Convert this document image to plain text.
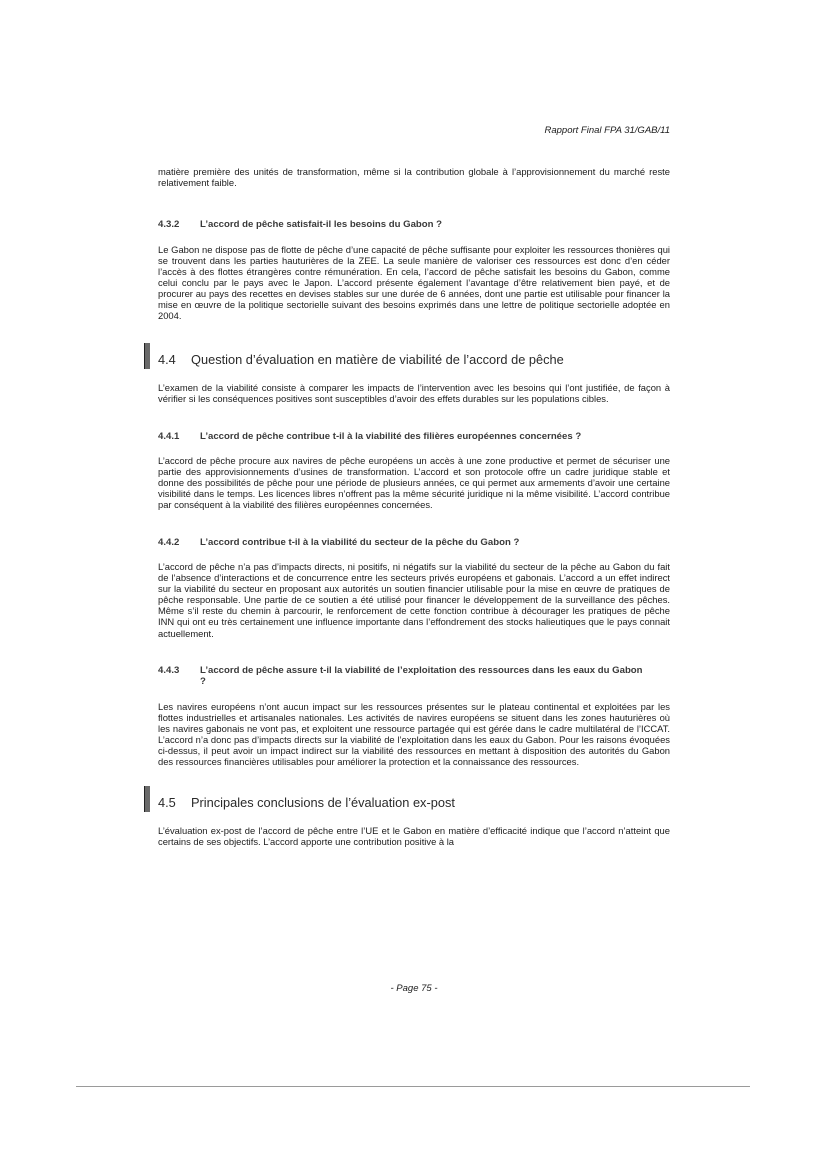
Rapport Final FPA 31/GAB/11

matière première des unités de transformation, même si la contribution globale à l’approvisionnement du marché reste relativement faible.

4.3.2	L’accord de pêche satisfait-il les besoins du Gabon ?

Le Gabon ne dispose pas de flotte de pêche d’une capacité de pêche suffisante pour exploiter les ressources thonières qui se trouvent dans les parties hauturières de la ZEE. La seule manière de valoriser ces ressources est donc d’en céder l’accès à des flottes étrangères contre rémunération. En cela, l’accord de pêche satisfait les besoins du Gabon, comme celui conclu par le pays avec le Japon. L’accord présente également l’avantage d’être relativement bien payé, et de procurer au pays des recettes en devises stables sur une durée de 6 années, dont une partie est utilisable pour financer la mise en œuvre de la politique sectorielle suivant des besoins exprimés dans une lettre de politique sectorielle adoptée en 2004.

4.4 Question d’évaluation en matière de viabilité de l’accord de pêche

L’examen de la viabilité consiste à comparer les impacts de l’intervention avec les besoins qui l’ont justifiée, de façon à vérifier si les conséquences positives sont susceptibles d’avoir des effets durables sur les populations cibles.

4.4.1	L’accord de pêche contribue t-il à la viabilité des filières européennes concernées ?

L’accord de pêche procure aux navires de pêche européens un accès à une zone productive et permet de sécuriser une partie des approvisionnements d’usines de transformation. L’accord et son protocole offre un cadre juridique stable et donne des possibilités de pêche pour une période de plusieurs années, ce qui permet aux armements d’avoir une certaine visibilité dans le temps. Les licences libres n’offrent pas la même sécurité juridique ni la même visibilité. L’accord contribue par conséquent à la viabilité des filières européennes concernées.

4.4.2	L’accord contribue t-il à la viabilité du secteur de la pêche du Gabon ?

L’accord de pêche n’a pas d’impacts directs, ni positifs, ni négatifs sur la viabilité du secteur de la pêche au Gabon du fait de l’absence d’interactions et de concurrence entre les secteurs privés européens et gabonais. L’accord a un effet indirect sur la viabilité du secteur en proposant aux autorités un soutien financier utilisable pour la mise en œuvre de pratiques de pêche responsable. Une partie de ce soutien a été utilisé pour financer le développement de la surveillance des pêches. Même s’il reste du chemin à parcourir, le renforcement de cette fonction contribue à décourager les pratiques de pêche INN qui ont eu très certainement une influence importante dans l’effondrement des stocks halieutiques que le pays connait actuellement.

4.4.3	L’accord de pêche assure t-il la viabilité de l’exploitation des ressources dans les eaux du Gabon ?

Les navires européens n’ont aucun impact sur les ressources présentes sur le plateau continental et exploitées par les flottes industrielles et artisanales nationales. Les activités de navires européens se situent dans les zones hauturières où les navires gabonais ne vont pas, et exploitent une ressource partagée qui est gérée dans le cadre multilatéral de l’ICCAT. L’accord n’a donc pas d’impacts directs sur la viabilité de l’exploitation dans les eaux du Gabon. Pour les raisons évoquées ci-dessus, il peut avoir un impact indirect sur la viabilité des ressources en mettant à disposition des autorités du Gabon des ressources financières utilisables pour améliorer la protection et la connaissance des ressources.

4.5 Principales conclusions de l’évaluation ex-post

L’évaluation ex-post de l’accord de pêche entre l’UE et le Gabon en matière d’efficacité indique que l’accord n’atteint que certains de ses objectifs. L’accord apporte une contribution positive à la

- Page 75 -
